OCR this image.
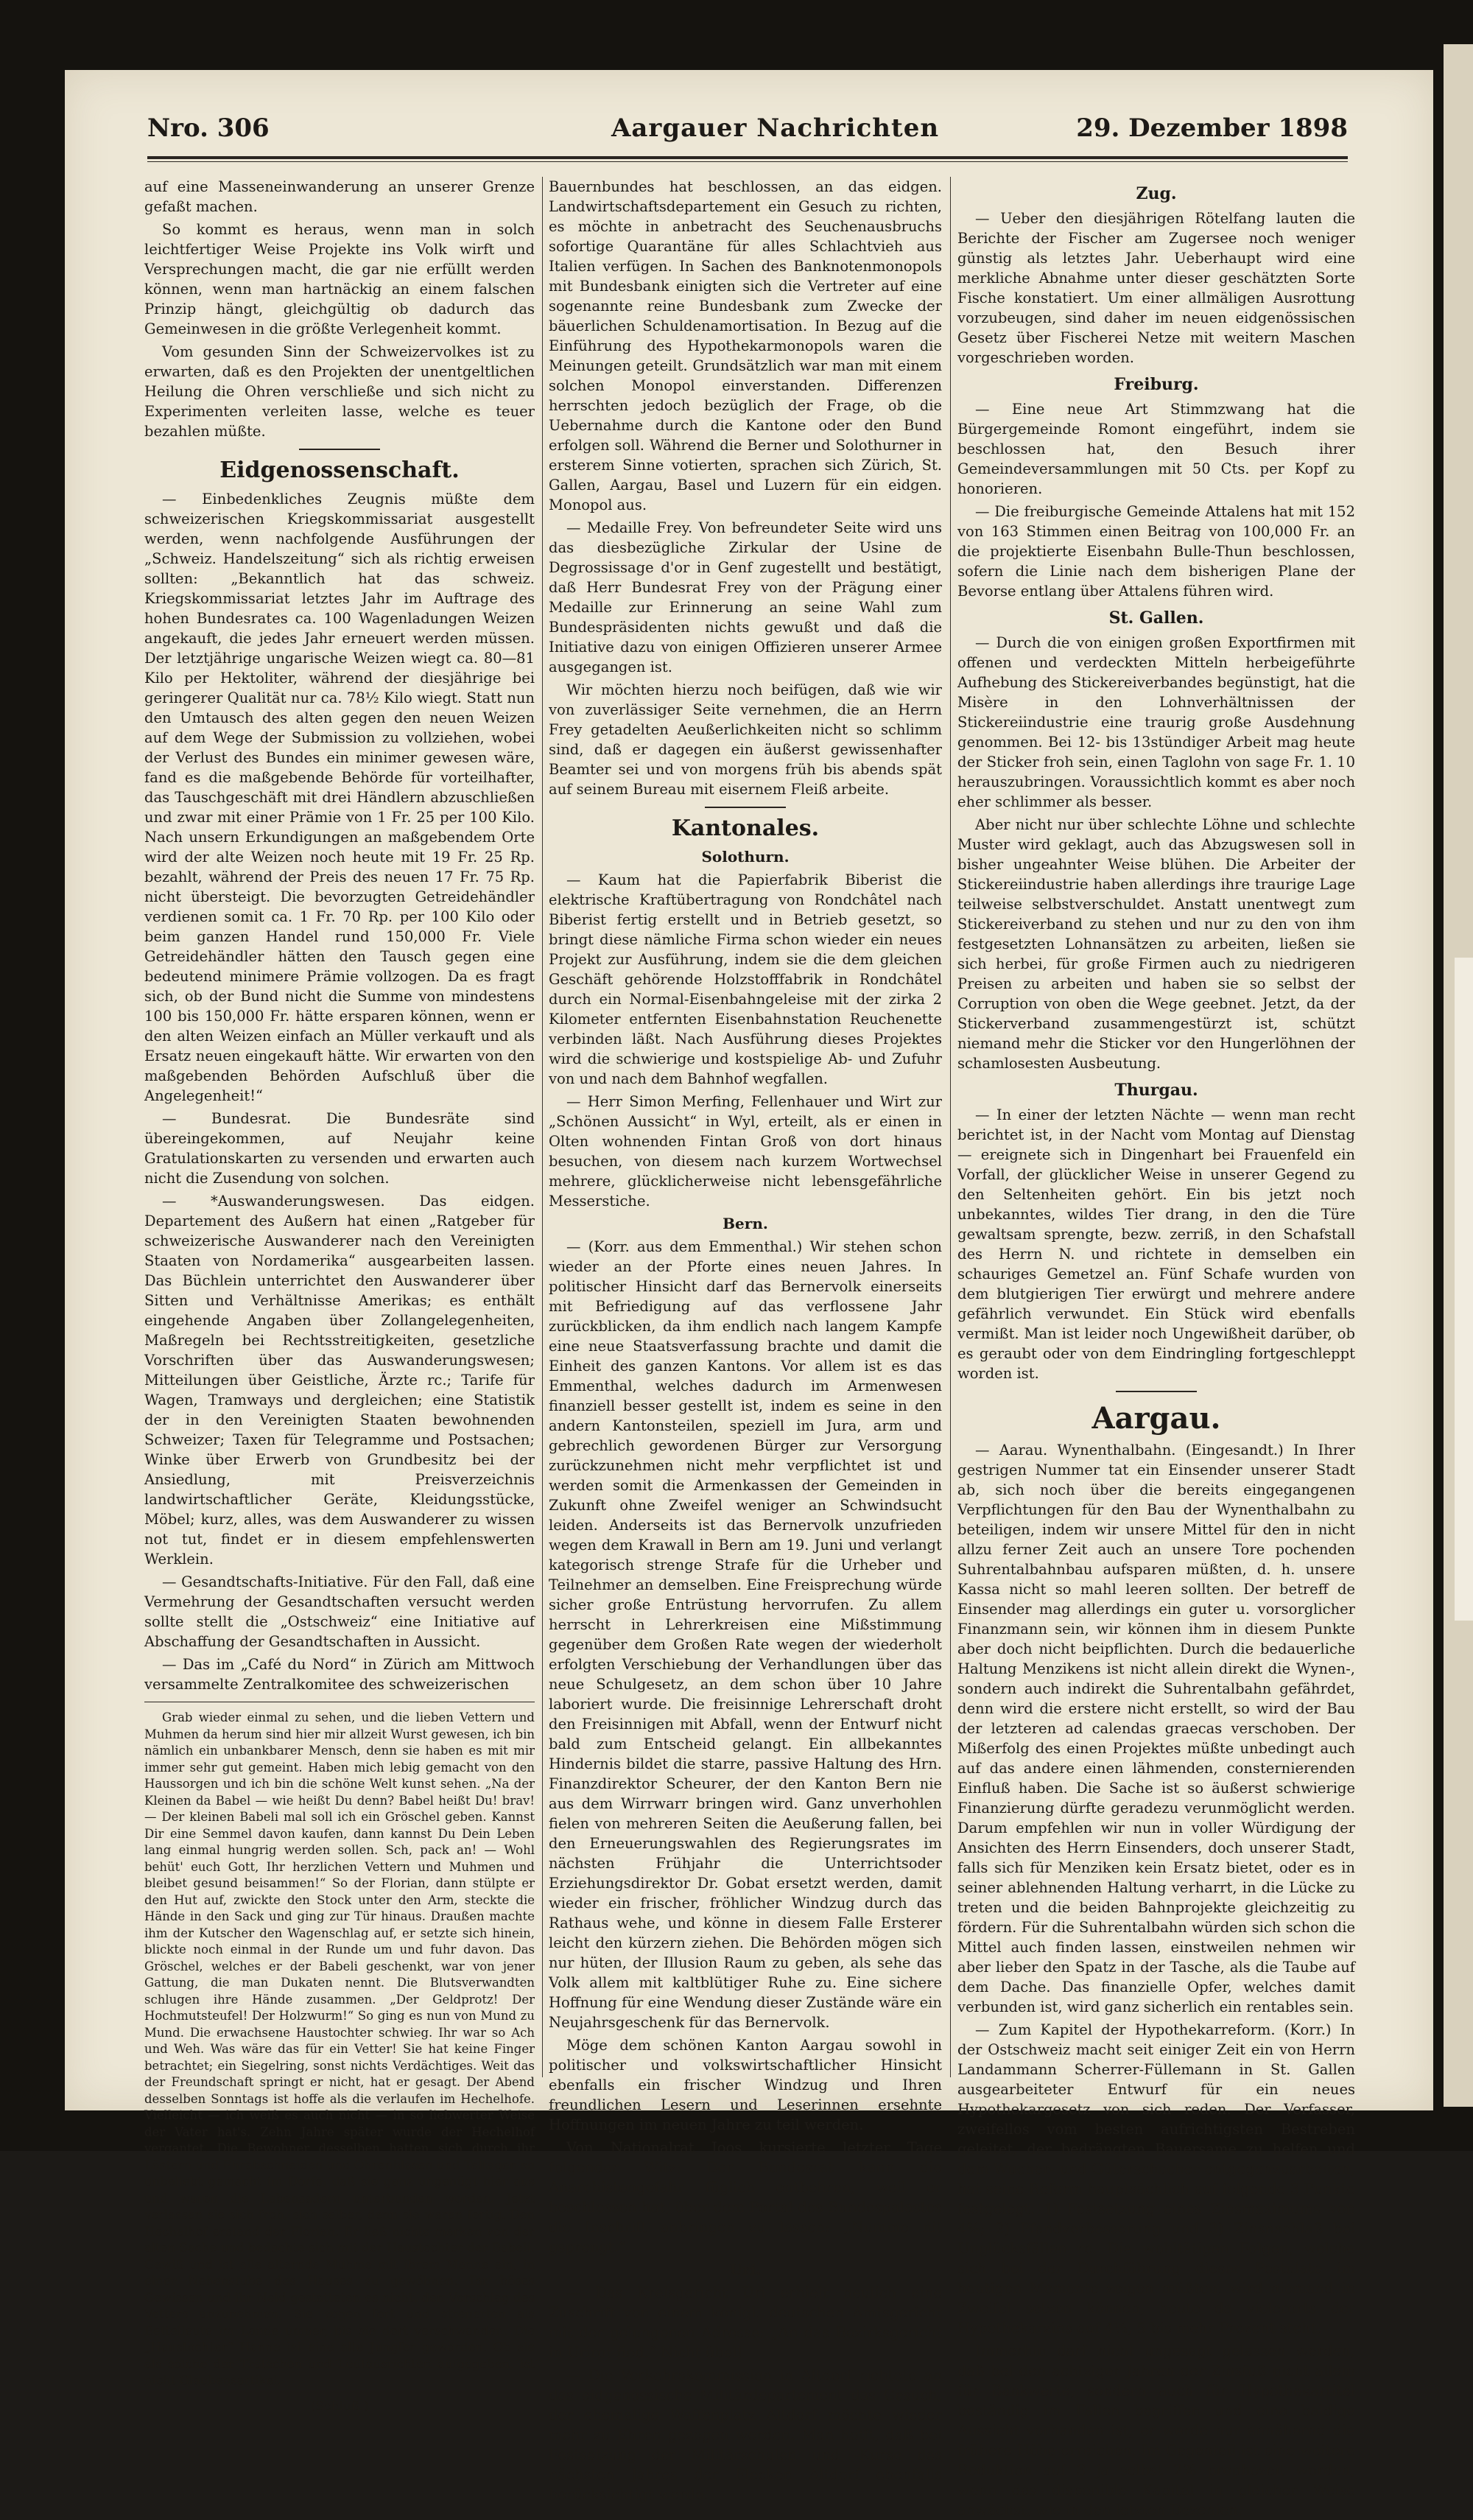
Nro. 306	Aargauer Nachrichten	29. Dezember 1898

auf eine Masseneinwanderung an unserer Grenze gefaßt machen.

So kommt es heraus, wenn man in solch leichtfertiger Weise Projekte ins Volk wirft und Versprechungen macht, die gar nie erfüllt werden können, wenn man hartnäckig an einem falschen Prinzip hängt, gleichgültig ob dadurch das Gemeinwesen in die größte Verlegenheit kommt.

Vom gesunden Sinn der Schweizervolkes ist zu erwarten, daß es den Projekten der unentgeltlichen Heilung die Ohren verschließe und sich nicht zu Experimenten verleiten lasse, welche es teuer bezahlen müßte.

Eidgenossenschaft.

— Einbedenkliches Zeugnis müßte dem schweizerischen Kriegskommissariat ausgestellt werden, wenn nachfolgende Ausführungen der „Schweiz. Handelszeitung“ sich als richtig erweisen sollten: „Bekanntlich hat das schweiz. Kriegskommissariat letztes Jahr im Auftrage des hohen Bundesrates ca. 100 Wagenladungen Weizen angekauft, die jedes Jahr erneuert werden müssen. Der letztjährige ungarische Weizen wiegt ca. 80—81 Kilo per Hektoliter, während der diesjährige bei geringerer Qualität nur ca. 78½ Kilo wiegt. Statt nun den Umtausch des alten gegen den neuen Weizen auf dem Wege der Submission zu vollziehen, wobei der Verlust des Bundes ein minimer gewesen wäre, fand es die maßgebende Behörde für vorteilhafter, das Tauschgeschäft mit drei Händlern abzuschließen und zwar mit einer Prämie von 1 Fr. 25 per 100 Kilo. Nach unsern Erkundigungen an maßgebendem Orte wird der alte Weizen noch heute mit 19 Fr. 25 Rp. bezahlt, während der Preis des neuen 17 Fr. 75 Rp. nicht übersteigt. Die bevorzugten Getreidehändler verdienen somit ca. 1 Fr. 70 Rp. per 100 Kilo oder beim ganzen Handel rund 150,000 Fr. Viele Getreidehändler hätten den Tausch gegen eine bedeutend minimere Prämie vollzogen. Da es fragt sich, ob der Bund nicht die Summe von mindestens 100 bis 150,000 Fr. hätte ersparen können, wenn er den alten Weizen einfach an Müller verkauft und als Ersatz neuen eingekauft hätte. Wir erwarten von den maßgebenden Behörden Aufschluß über die Angelegenheit!“

— Bundesrat. Die Bundesräte sind übereingekommen, auf Neujahr keine Gratulationskarten zu versenden und erwarten auch nicht die Zusendung von solchen.

— *Auswanderungswesen. Das eidgen. Departement des Außern hat einen „Ratgeber für schweizerische Auswanderer nach den Vereinigten Staaten von Nordamerika“ ausgearbeiten lassen. Das Büchlein unterrichtet den Auswanderer über Sitten und Verhältnisse Amerikas; es enthält eingehende Angaben über Zollangelegenheiten, Maßregeln bei Rechtsstreitigkeiten, gesetzliche Vorschriften über das Auswanderungswesen; Mitteilungen über Geistliche, Ärzte rc.; Tarife für Wagen, Tramways und dergleichen; eine Statistik der in den Vereinigten Staaten bewohnenden Schweizer; Taxen für Telegramme und Postsachen; Winke über Erwerb von Grundbesitz bei der Ansiedlung, mit Preisverzeichnis landwirtschaftlicher Geräte, Kleidungsstücke, Möbel; kurz, alles, was dem Auswanderer zu wissen not tut, findet er in diesem empfehlenswerten Werklein.

— Gesandtschafts-Initiative. Für den Fall, daß eine Vermehrung der Gesandtschaften versucht werden sollte stellt die „Ostschweiz“ eine Initiative auf Abschaffung der Gesandtschaften in Aussicht.

— Das im „Café du Nord“ in Zürich am Mittwoch versammelte Zentralkomitee des schweizerischen

Grab wieder einmal zu sehen, und die lieben Vettern und Muhmen da herum sind hier mir allzeit Wurst gewesen, ich bin nämlich ein unbankbarer Mensch, denn sie haben es mit mir immer sehr gut gemeint. Haben mich lebig gemacht von den Haussorgen und ich bin die schöne Welt kunst sehen. „Na der Kleinen da Babel — wie heißt Du denn? Babel heißt Du! brav! — Der kleinen Babeli mal soll ich ein Gröschel geben. Kannst Dir eine Semmel davon kaufen, dann kannst Du Dein Leben lang einmal hungrig werden sollen. Sch, pack an! — Wohl behüt' euch Gott, Ihr herzlichen Vettern und Muhmen und bleibet gesund beisammen!“ So der Florian, dann stülpte er den Hut auf, zwickte den Stock unter den Arm, steckte die Hände in den Sack und ging zur Tür hinaus. Draußen machte ihm der Kutscher den Wagenschlag auf, er setzte sich hinein, blickte noch einmal in der Runde um und fuhr davon. Das Gröschel, welches er der Babeli geschenkt, war von jener Gattung, die man Dukaten nennt. Die Blutsverwandten schlugen ihre Hände zusammen. „Der Geldprotz! Der Hochmutsteufel! Der Holzwurm!“ So ging es nun von Mund zu Mund. Die erwachsene Haustochter schwieg. Ihr war so Ach und Weh. Was wäre das für ein Vetter! Sie hat keine Finger betrachtet; ein Siegelring, sonst nichts Verdächtiges. Weit das der Freundschaft springt er nicht, hat er gesagt. Der Abend desselben Sonntags ist hoffe als die verlaufen im Hechelhofe. Vielleicht — ich weiß es auch nicht — in so liebwerter Weise der Vater hat's. Zehn Jahre später wurde der Hechelhof vergantet. Die Bewohner desselben hatten sich durch ihr Lästern und Ehrabschneiden und Ohrenblasen und Taltagen so unbeliebt gemacht im Dorfe, daß sie ganz ungenügt hier aus und waren die Lebensadern unterbunden worden. Jetzt verlassen sie sich froh, sich selber, denn sie waren fertig. Den Hechelhof erstand der Florian. Er ließ nichts merken von der alten Sache und bedachte sich mit der Haustochter der Babeli. Gewiß und ist alle alternde Muhme mit ihrem Manne ein, in einer Nebenstube des Hauses zu gewöhnen. Ihr böses Gewissen und ihr Neid gestatteten es nicht, den Vorschlag des Vetters anzunehmen. Sie zogen fort und strenerten als Bettelleute im Lande umher, bis sie dort verschwanden. Die „Haustochter“ Hanne ist eine alte Jungfer geworden. Ob sie als solche der Tratschen und Leutausrichten aufgegeben, ist nicht Glaubensartikel.

(Schluß.)

Bauernbundes hat beschlossen, an das eidgen. Landwirtschaftsdepartement ein Gesuch zu richten, es möchte in anbetracht des Seuchenausbruchs sofortige Quarantäne für alles Schlachtvieh aus Italien verfügen. In Sachen des Banknotenmonopols mit Bundesbank einigten sich die Vertreter auf eine sogenannte reine Bundesbank zum Zwecke der bäuerlichen Schuldenamortisation. In Bezug auf die Einführung des Hypothekarmonopols waren die Meinungen geteilt. Grundsätzlich war man mit einem solchen Monopol einverstanden. Differenzen herrschten jedoch bezüglich der Frage, ob die Uebernahme durch die Kantone oder den Bund erfolgen soll. Während die Berner und Solothurner in ersterem Sinne votierten, sprachen sich Zürich, St. Gallen, Aargau, Basel und Luzern für ein eidgen. Monopol aus.

— Medaille Frey. Von befreundeter Seite wird uns das diesbezügliche Zirkular der Usine de Degrossissage d'or in Genf zugestellt und bestätigt, daß Herr Bundesrat Frey von der Prägung einer Medaille zur Erinnerung an seine Wahl zum Bundespräsidenten nichts gewußt und daß die Initiative dazu von einigen Offizieren unserer Armee ausgegangen ist.

Wir möchten hierzu noch beifügen, daß wie wir von zuverlässiger Seite vernehmen, die an Herrn Frey getadelten Aeußerlichkeiten nicht so schlimm sind, daß er dagegen ein äußerst gewissenhafter Beamter sei und von morgens früh bis abends spät auf seinem Bureau mit eisernem Fleiß arbeite.

Kantonales.
Solothurn.

— Kaum hat die Papierfabrik Biberist die elektrische Kraftübertragung von Rondchâtel nach Biberist fertig erstellt und in Betrieb gesetzt, so bringt diese nämliche Firma schon wieder ein neues Projekt zur Ausführung, indem sie die dem gleichen Geschäft gehörende Holzstofffabrik in Rondchâtel durch ein Normal-Eisenbahngeleise mit der zirka 2 Kilometer entfernten Eisenbahnstation Reuchenette verbinden läßt. Nach Ausführung dieses Projektes wird die schwierige und kostspielige Ab- und Zufuhr von und nach dem Bahnhof wegfallen.

— Herr Simon Merfing, Fellenhauer und Wirt zur „Schönen Aussicht“ in Wyl, erteilt, als er einen in Olten wohnenden Fintan Groß von dort hinaus besuchen, von diesem nach kurzem Wortwechsel mehrere, glücklicherweise nicht lebensgefährliche Messerstiche.

Bern.

— (Korr. aus dem Emmenthal.) Wir stehen schon wieder an der Pforte eines neuen Jahres. In politischer Hinsicht darf das Bernervolk einerseits mit Befriedigung auf das verflossene Jahr zurückblicken, da ihm endlich nach langem Kampfe eine neue Staatsverfassung brachte und damit die Einheit des ganzen Kantons. Vor allem ist es das Emmenthal, welches dadurch im Armenwesen finanziell besser gestellt ist, indem es seine in den andern Kantonsteilen, speziell im Jura, arm und gebrechlich gewordenen Bürger zur Versorgung zurückzunehmen nicht mehr verpflichtet ist und werden somit die Armenkassen der Gemeinden in Zukunft ohne Zweifel weniger an Schwindsucht leiden. Anderseits ist das Bernervolk unzufrieden wegen dem Krawall in Bern am 19. Juni und verlangt kategorisch strenge Strafe für die Urheber und Teilnehmer an demselben. Eine Freisprechung würde sicher große Entrüstung hervorrufen. Zu allem herrscht in Lehrerkreisen eine Mißstimmung gegenüber dem Großen Rate wegen der wiederholt erfolgten Verschiebung der Verhandlungen über das neue Schulgesetz, an dem schon über 10 Jahre laboriert wurde. Die freisinnige Lehrerschaft droht den Freisinnigen mit Abfall, wenn der Entwurf nicht bald zum Entscheid gelangt. Ein allbekanntes Hindernis bildet die starre, passive Haltung des Hrn. Finanzdirektor Scheurer, der den Kanton Bern nie aus dem Wirrwarr bringen wird. Ganz unverhohlen fielen von mehreren Seiten die Aeußerung fallen, bei den Erneuerungswahlen des Regierungsrates im nächsten Frühjahr die Unterrichtsoder Erziehungsdirektor Dr. Gobat ersetzt werden, damit wieder ein frischer, fröhlicher Windzug durch das Rathaus wehe, und könne in diesem Falle Ersterer leicht den kürzern ziehen. Die Behörden mögen sich nur hüten, der Illusion Raum zu geben, als sehe das Volk allem mit kaltblütiger Ruhe zu. Eine sichere Hoffnung für eine Wendung dieser Zustände wäre ein Neujahrsgeschenk für das Bernervolk.

Möge dem schönen Kanton Aargau sowohl in politischer und volkswirtschaftlicher Hinsicht ebenfalls ein frischer Windzug und Ihren freundlichen Lesern und Leserinnen ersehnte Hoffnungen im neuen Jahre zu teil werden.

Von Nationalrat Joos kursierte letzter Tage folgender Witz: Der Bundesrat kann die Anarchistengefahr füglich entbehren, weil er beschlossen hat, über dem Portal des Bundespalastes die Inschrift anbringen zu lassen: „Numme nit gsprengt.“

Uri.

— Das Kreisgericht Uri erhielt neulich eine Zuschrift von einem königl. deutschen Amtsgericht mit der gelungenen Adresse: „An das Bezirksgericht in Urirot-fiod.“ Nicht übel!

— Die Verkehrskommission in Altdorf richtete an das eidgenössische Militärdepartement das Gesuch, der ehemalige Waffenplatz Altdorf möchte wieder mehr zu Ehren gezogen werden. Man hofft, daß bei Festsetzung der Militärschulen und -Kurse des nächsten Jahres der Flecken Altdorf ebenfalls berücksichtigt werde.

Zug.

— Ueber den diesjährigen Rötelfang lauten die Berichte der Fischer am Zugersee noch weniger günstig als letztes Jahr. Ueberhaupt wird eine merkliche Abnahme unter dieser geschätzten Sorte Fische konstatiert. Um einer allmäligen Ausrottung vorzubeugen, sind daher im neuen eidgenössischen Gesetz über Fischerei Netze mit weitern Maschen vorgeschrieben worden.

Freiburg.

— Eine neue Art Stimmzwang hat die Bürgergemeinde Romont eingeführt, indem sie beschlossen hat, den Besuch ihrer Gemeindeversammlungen mit 50 Cts. per Kopf zu honorieren.

— Die freiburgische Gemeinde Attalens hat mit 152 von 163 Stimmen einen Beitrag von 100,000 Fr. an die projektierte Eisenbahn Bulle-Thun beschlossen, sofern die Linie nach dem bisherigen Plane der Bevorse entlang über Attalens führen wird.

St. Gallen.

— Durch die von einigen großen Exportfirmen mit offenen und verdeckten Mitteln herbeigeführte Aufhebung des Stickereiverbandes begünstigt, hat die Misère in den Lohnverhältnissen der Stickereiindustrie eine traurig große Ausdehnung genommen. Bei 12- bis 13stündiger Arbeit mag heute der Sticker froh sein, einen Taglohn von sage Fr. 1. 10 herauszubringen. Voraussichtlich kommt es aber noch eher schlimmer als besser.

Aber nicht nur über schlechte Löhne und schlechte Muster wird geklagt, auch das Abzugswesen soll in bisher ungeahnter Weise blühen. Die Arbeiter der Stickereiindustrie haben allerdings ihre traurige Lage teilweise selbstverschuldet. Anstatt unentwegt zum Stickereiverband zu stehen und nur zu den von ihm festgesetzten Lohnansätzen zu arbeiten, ließen sie sich herbei, für große Firmen auch zu niedrigeren Preisen zu arbeiten und haben sie so selbst der Corruption von oben die Wege geebnet. Jetzt, da der Stickerverband zusammengestürzt ist, schützt niemand mehr die Sticker vor den Hungerlöhnen der schamlosesten Ausbeutung.

Thurgau.

— In einer der letzten Nächte — wenn man recht berichtet ist, in der Nacht vom Montag auf Dienstag — ereignete sich in Dingenhart bei Frauenfeld ein Vorfall, der glücklicher Weise in unserer Gegend zu den Seltenheiten gehört. Ein bis jetzt noch unbekanntes, wildes Tier drang, in den die Türe gewaltsam sprengte, bezw. zerriß, in den Schafstall des Herrn N. und richtete in demselben ein schauriges Gemetzel an. Fünf Schafe wurden von dem blutgierigen Tier erwürgt und mehrere andere gefährlich verwundet. Ein Stück wird ebenfalls vermißt. Man ist leider noch Ungewißheit darüber, ob es geraubt oder von dem Eindringling fortgeschleppt worden ist.

Aargau.

— Aarau. Wynenthalbahn. (Eingesandt.) In Ihrer gestrigen Nummer tat ein Einsender unserer Stadt ab, sich noch über die bereits eingegangenen Verpflichtungen für den Bau der Wynenthalbahn zu beteiligen, indem wir unsere Mittel für den in nicht allzu ferner Zeit auch an unsere Tore pochenden Suhrentalbahnbau aufsparen müßten, d. h. unsere Kassa nicht so mahl leeren sollten. Der betreff de Einsender mag allerdings ein guter u. vorsorglicher Finanzmann sein, wir können ihm in diesem Punkte aber doch nicht beipflichten. Durch die bedauerliche Haltung Menzikens ist nicht allein direkt die Wynen-, sondern auch indirekt die Suhrentalbahn gefährdet, denn wird die erstere nicht erstellt, so wird der Bau der letzteren ad calendas graecas verschoben. Der Mißerfolg des einen Projektes müßte unbedingt auch auf das andere einen lähmenden, consternierenden Einfluß haben. Die Sache ist so äußerst schwierige Finanzierung dürfte geradezu verunmöglicht werden. Darum empfehlen wir nun in voller Würdigung der Ansichten des Herrn Einsenders, doch unserer Stadt, falls sich für Menziken kein Ersatz bietet, oder es in seiner ablehnenden Haltung verharrt, in die Lücke zu treten und die beiden Bahnprojekte gleichzeitig zu fördern. Für die Suhrentalbahn würden sich schon die Mittel auch finden lassen, einstweilen nehmen wir aber lieber den Spatz in der Tasche, als die Taube auf dem Dache. Das finanzielle Opfer, welches damit verbunden ist, wird ganz sicherlich ein rentables sein.

— Zum Kapitel der Hypothekarreform. (Korr.) In der Ostschweiz macht seit einiger Zeit ein von Herrn Landammann Scherrer-Füllemann in St. Gallen ausgearbeiteter Entwurf für ein neues Hypothekargesetz von sich reden. Der Verfasser, zweifellos vom besten aufrichtigsten Bestreben geleitet, der bedrängten Bauersame zu helfen und dem Wucher- und Güterschacher entgegenzuarbeiten, hat seine Reform hauptsächlich auf folgende 3 Punkte festgelegt: 1) Festsetzung eines Zinsmaximums von 4%; 2) Pfandverbesserung und 3) Zinsnachlaß bei Unglücksfällen rc. Die wohltätigen Folgen, welche sich bei der Durchführung dieser Postulate im heutigen Momente zeigen müßten, wird niemand in Zweifel setzen können, heute da vielerorts der Hypothekarzins auf 4½, 5 bis mehr Prozent steht.

Immerhin darf nicht ungesagt gelassen werden, daß bei den achtziger Jahren der Zinsfuß nicht allein für Bankwerte, sondern auch für Hypothekartitel beständig im Fallen begriffen und eine baldige Aussicht vorhanden ist, er werde nur annähernd die frühere Höhe erreichen. Im Gegenteil ist eine weitere Reduktion auf 3 ja selbst 2% prophezeit worden, wenn das disponible Kapital in gleicher Weise anwächst, wie in den letzten Dezenien.
